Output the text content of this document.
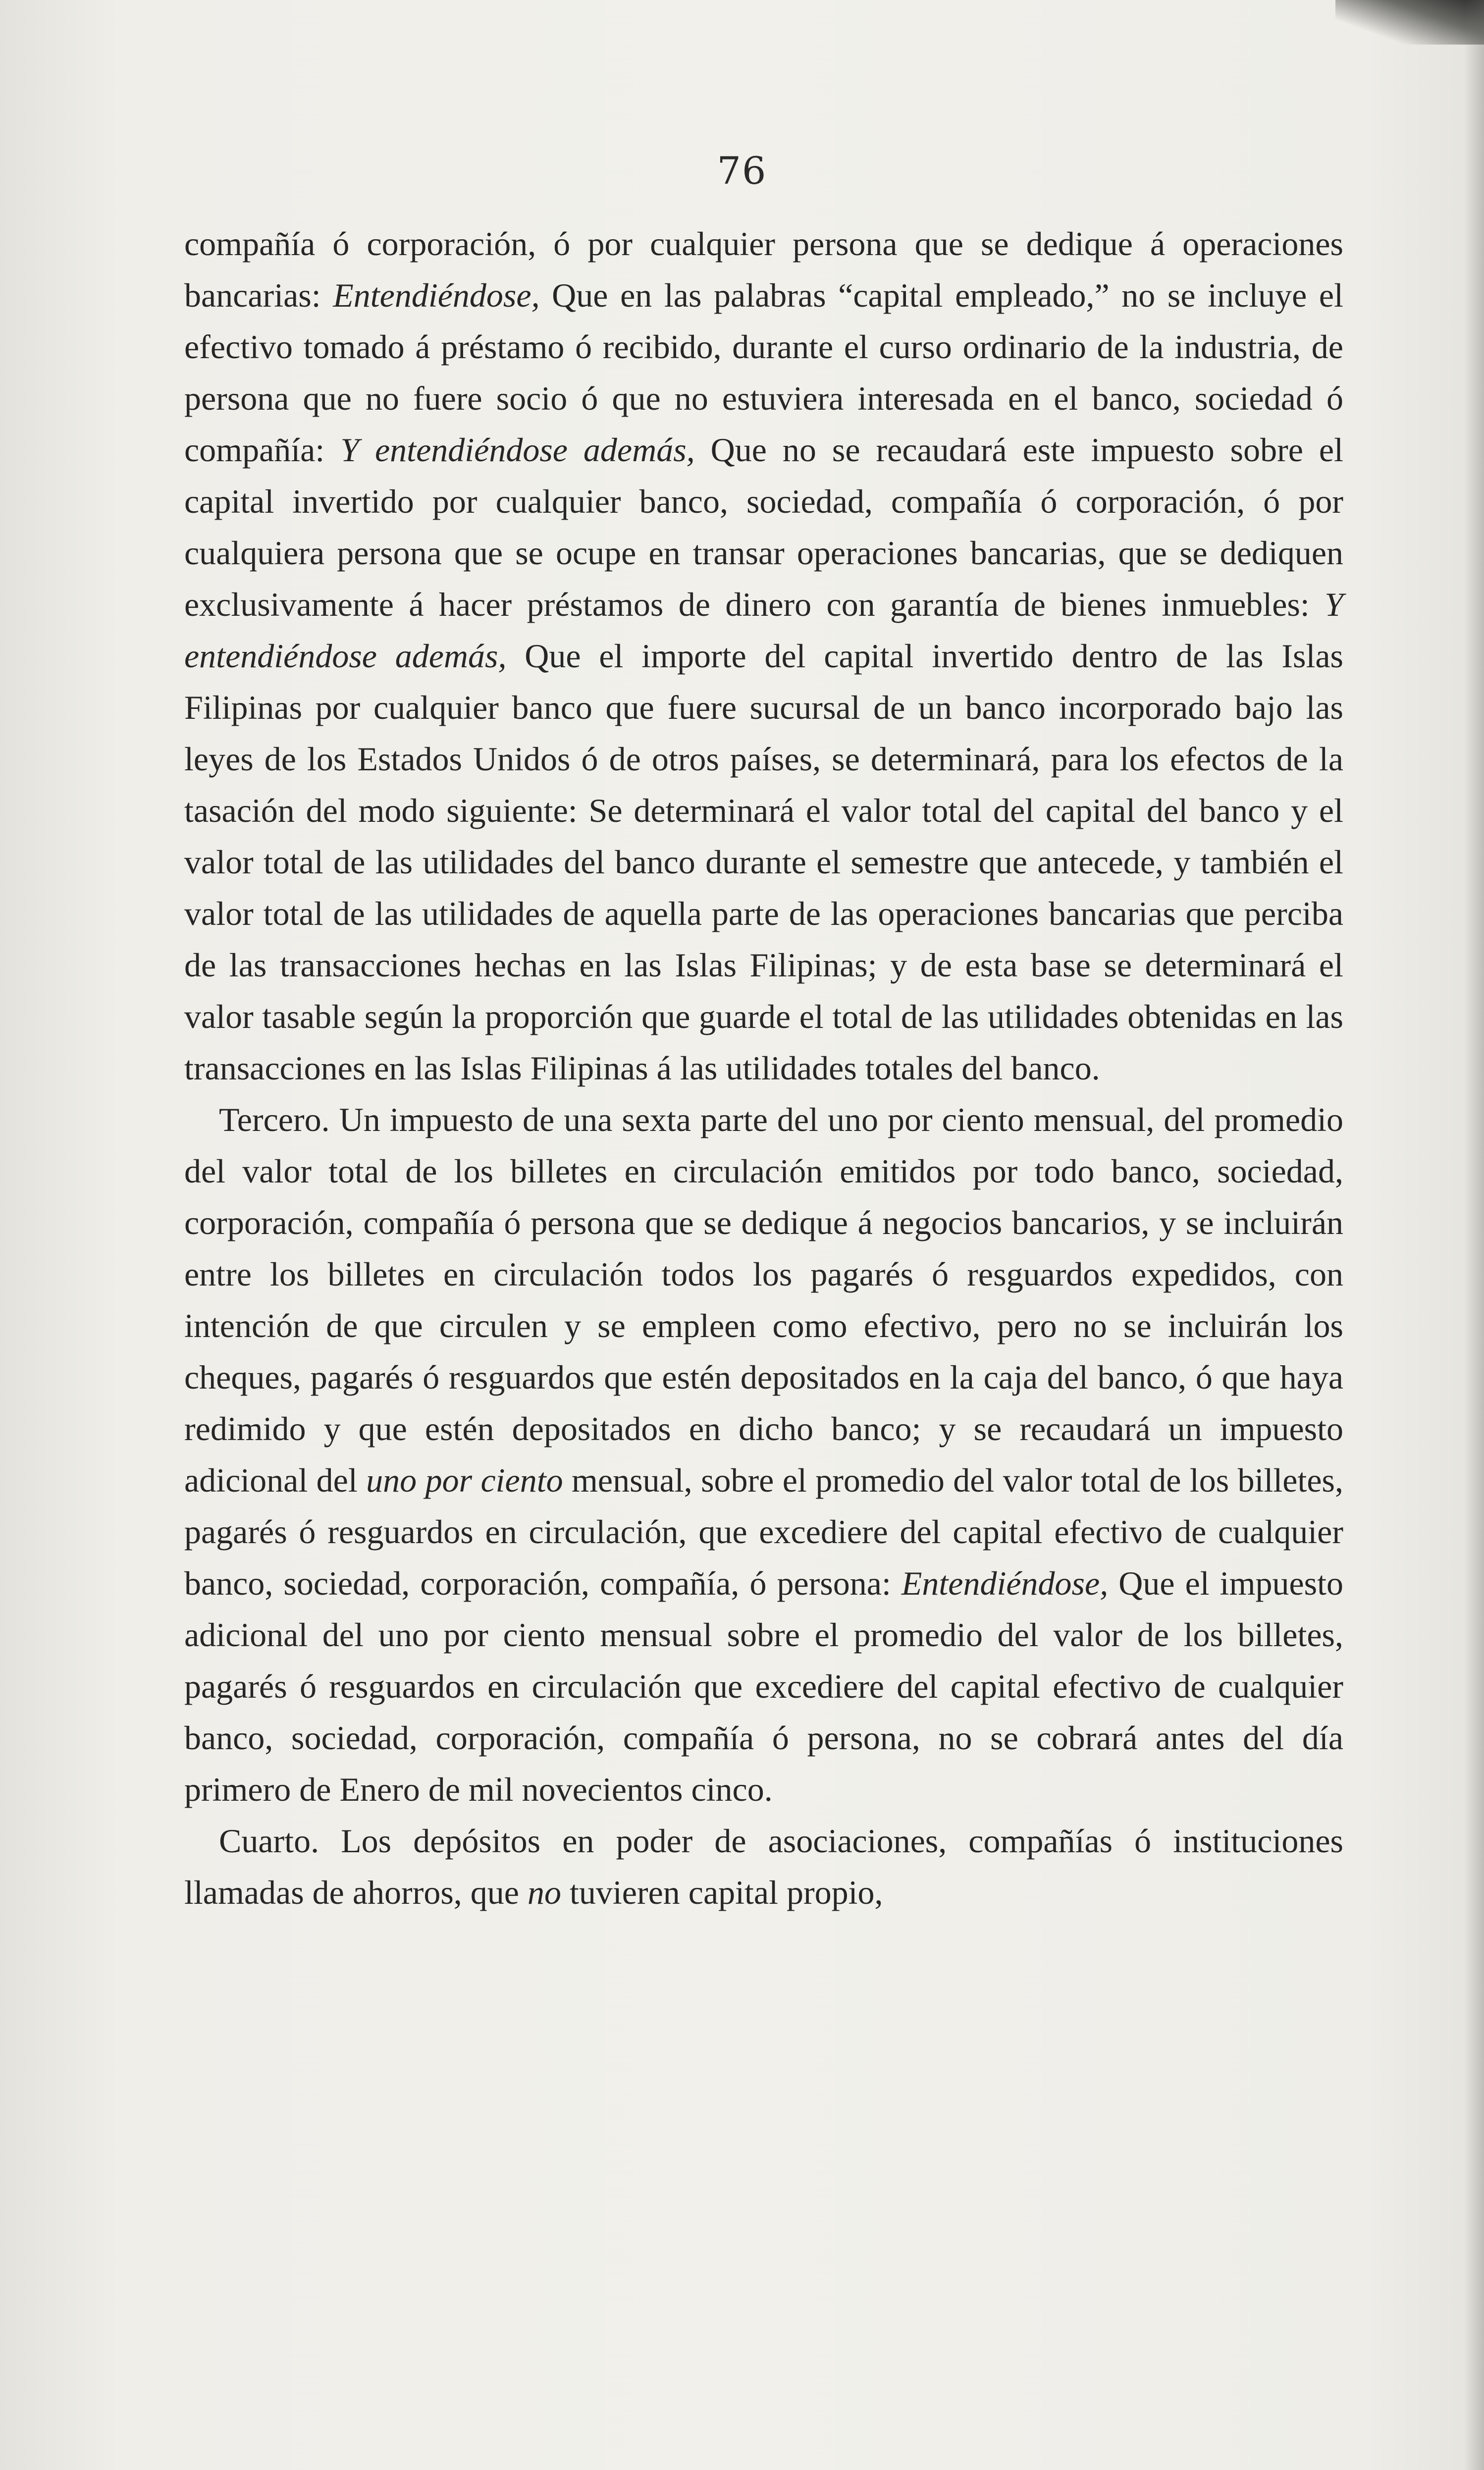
76

compañía ó corporación, ó por cualquier persona que se dedique á operaciones bancarias: Entendiéndose, Que en las palabras “capital empleado,” no se incluye el efectivo tomado á préstamo ó recibido, durante el curso ordinario de la industria, de persona que no fuere socio ó que no estuviera interesada en el banco, sociedad ó compañía: Y entendiéndose además, Que no se recaudará este impuesto sobre el capital invertido por cualquier banco, sociedad, compañía ó corporación, ó por cualquiera persona que se ocupe en transar operaciones bancarias, que se dediquen exclusivamente á hacer préstamos de dinero con garantía de bienes inmuebles: Y entendiéndose además, Que el importe del capital invertido dentro de las Islas Filipinas por cualquier banco que fuere sucursal de un banco incorporado bajo las leyes de los Estados Unidos ó de otros países, se determinará, para los efectos de la tasación del modo siguiente: Se determinará el valor total del capital del banco y el valor total de las utilidades del banco durante el semestre que antecede, y también el valor total de las utilidades de aquella parte de las operaciones bancarias que perciba de las transacciones hechas en las Islas Filipinas; y de esta base se determinará el valor tasable según la proporción que guarde el total de las utilidades obtenidas en las transacciones en las Islas Filipinas á las utilidades totales del banco.

Tercero. Un impuesto de una sexta parte del uno por ciento mensual, del promedio del valor total de los billetes en circulación emitidos por todo banco, sociedad, corporación, compañía ó persona que se dedique á negocios bancarios, y se incluirán entre los billetes en circulación todos los pagarés ó resguardos expedidos, con intención de que circulen y se empleen como efectivo, pero no se incluirán los cheques, pagarés ó resguardos que estén depositados en la caja del banco, ó que haya redimido y que estén depositados en dicho banco; y se recaudará un impuesto adicional del uno por ciento mensual, sobre el promedio del valor total de los billetes, pagarés ó resguardos en circulación, que excediere del capital efectivo de cualquier banco, sociedad, corporación, compañía, ó persona: Entendiéndose, Que el impuesto adicional del uno por ciento mensual sobre el promedio del valor de los billetes, pagarés ó resguardos en circulación que excediere del capital efectivo de cualquier banco, sociedad, corporación, compañía ó persona, no se cobrará antes del día primero de Enero de mil novecientos cinco.

Cuarto. Los depósitos en poder de asociaciones, compañías ó instituciones llamadas de ahorros, que no tuvieren capital propio,
